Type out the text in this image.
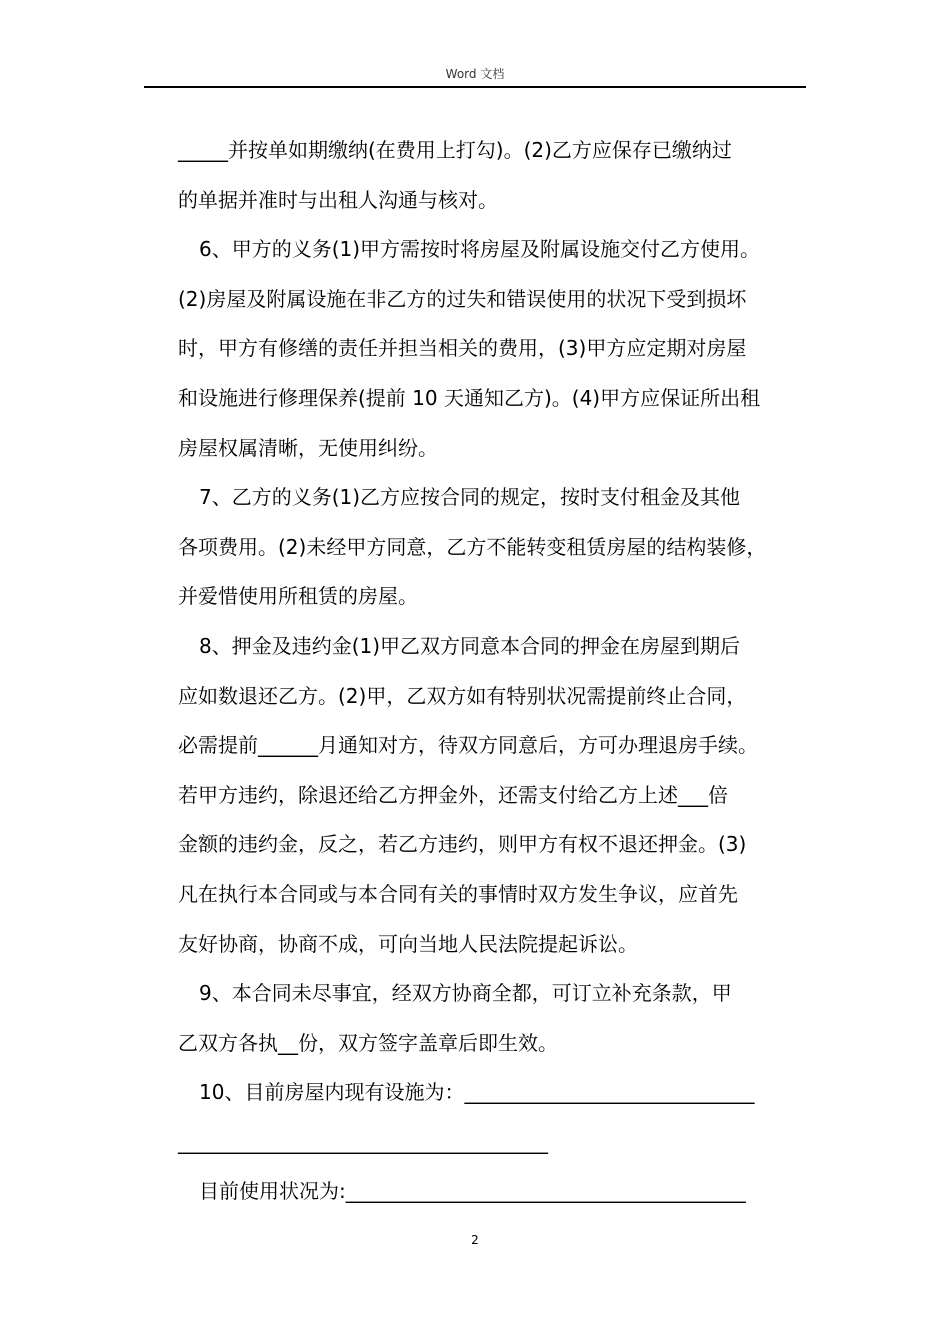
Word 文档
_____并按单如期缴纳(在费用上打勾)。(2)乙方应保存已缴纳过
的单据并准时与出租人沟通与核对。
6、甲方的义务(1)甲方需按时将房屋及附属设施交付乙方使用。
(2)房屋及附属设施在非乙方的过失和错误使用的状况下受到损坏
时，甲方有修缮的责任并担当相关的费用，(3)甲方应定期对房屋
和设施进行修理保养(提前 10 天通知乙方)。(4)甲方应保证所出租
房屋权属清晰，无使用纠纷。
7、乙方的义务(1)乙方应按合同的规定，按时支付租金及其他
各项费用。(2)未经甲方同意，乙方不能转变租赁房屋的结构装修，
并爱惜使用所租赁的房屋。
8、押金及违约金(1)甲乙双方同意本合同的押金在房屋到期后
应如数退还乙方。(2)甲，乙双方如有特别状况需提前终止合同，
必需提前______月通知对方，待双方同意后，方可办理退房手续。
若甲方违约，除退还给乙方押金外，还需支付给乙方上述___倍
金额的违约金，反之，若乙方违约，则甲方有权不退还押金。(3)
凡在执行本合同或与本合同有关的事情时双方发生争议，应首先
友好协商，协商不成，可向当地人民法院提起诉讼。
9、本合同未尽事宜，经双方协商全都，可订立补充条款，甲
乙双方各执__份，双方签字盖章后即生效。
10、目前房屋内现有设施为：_____________________________
_____________________________________
目前使用状况为:________________________________________
2
